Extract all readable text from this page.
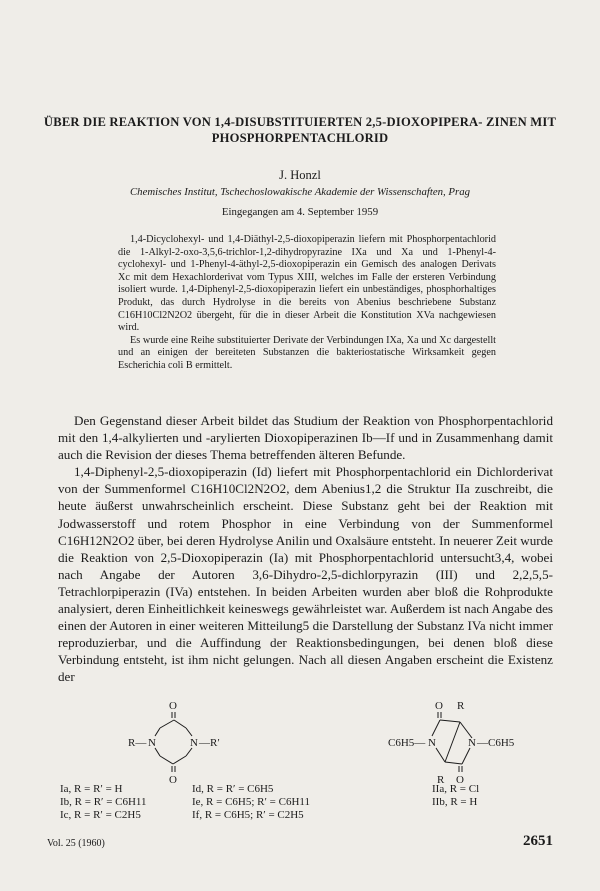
ÜBER DIE REAKTION VON 1,4-DISUBSTITUIERTEN 2,5-DIOXOPIPERA- ZINEN MIT PHOSPHORPENTACHLORID
J. Honzl
Chemisches Institut, Tschechoslowakische Akademie der Wissenschaften, Prag
Eingegangen am 4. September 1959

1,4-Dicyclohexyl- und 1,4-Diäthyl-2,5-dioxopiperazin liefern mit Phosphorpentachlorid die 1-Alkyl-2-oxo-3,5,6-trichlor-1,2-dihydropyrazine IXa und Xa und 1-Phenyl-4-cyclohexyl- und 1-Phenyl-4-äthyl-2,5-dioxopiperazin ein Gemisch des analogen Derivats Xc mit dem Hexachlorderivat vom Typus XIII, welches im Falle der ersteren Verbindung isoliert wurde. 1,4-Diphenyl-2,5-dioxopiperazin liefert ein unbeständiges, phosphorhaltiges Produkt, das durch Hydrolyse in die bereits von Abenius beschriebene Substanz C16H10Cl2N2O2 übergeht, für die in dieser Arbeit die Konstitution XVa nachgewiesen wird.

Es wurde eine Reihe substituierter Derivate der Verbindungen IXa, Xa und Xc dargestellt und an einigen der bereiteten Substanzen die bakteriostatische Wirksamkeit gegen Escherichia coli B ermittelt.

Den Gegenstand dieser Arbeit bildet das Studium der Reaktion von Phosphorpentachlorid mit den 1,4-alkylierten und -arylierten Dioxopiperazinen Ib—If und in Zusammenhang damit auch die Revision der dieses Thema betreffenden älteren Befunde.

1,4-Diphenyl-2,5-dioxopiperazin (Id) liefert mit Phosphorpentachlorid ein Dichlorderivat von der Summenformel C16H10Cl2N2O2, dem Abenius1,2 die Struktur IIa zuschreibt, die heute äußerst unwahrscheinlich erscheint. Diese Substanz geht bei der Reaktion mit Jodwasserstoff und rotem Phosphor in eine Verbindung von der Summenformel C16H12N2O2 über, bei deren Hydrolyse Anilin und Oxalsäure entsteht. In neuerer Zeit wurde die Reaktion von 2,5-Dioxopiperazin (Ia) mit Phosphorpentachlorid untersucht3,4, wobei nach Angabe der Autoren 3,6-Dihydro-2,5-dichlorpyrazin (III) und 2,2,5,5-Tetrachlorpiperazin (IVa) entstehen. In beiden Arbeiten wurden aber bloß die Rohprodukte analysiert, deren Einheitlichkeit keineswegs gewährleistet war. Außerdem ist nach Angabe des einen der Autoren in einer weiteren Mitteilung5 die Darstellung der Substanz IVa nicht immer reproduzierbar, und die Auffindung der Reaktionsbedingungen, bei denen bloß diese Verbindung entsteht, ist ihm nicht gelungen. Nach all diesen Angaben erscheint die Existenz der

O
O
N	N
R—	—R′
O R
R O
N	N
C6H5—	—C6H5
Ia, R = R′ = H
Ib, R = R′ = C6H11
Ic, R = R′ = C2H5
Id, R = R′ = C6H5
Ie, R = C6H5; R′ = C6H11
If, R = C6H5; R′ = C2H5
IIa, R = Cl
IIb, R = H
Vol. 25 (1960)	2651
